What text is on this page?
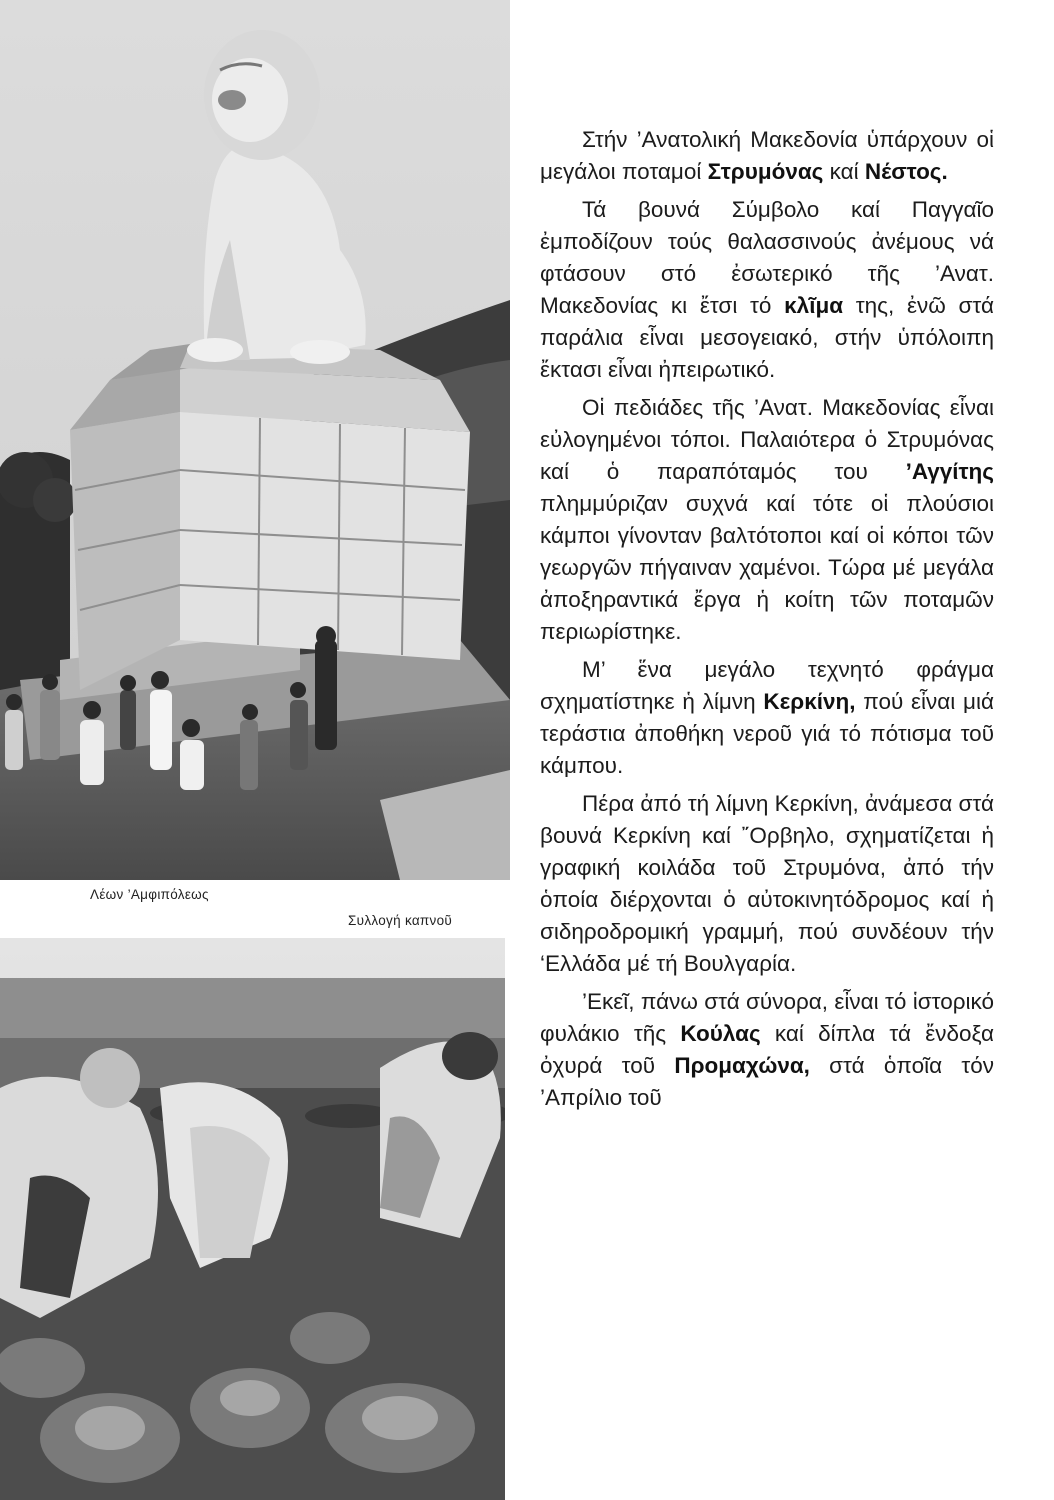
Λέων ’Αμφιπόλεως
Συλλογή καπνοῦ

Στήν ’Ανατολική Μακεδονία ὑπάρχουν οἱ μεγάλοι ποταμοί Στρυμόνας καί Νέστος.

Τά βουνά Σύμβολο καί Παγγαῖο ἐμποδίζουν τούς θαλασσινούς ἀνέμους νά φτάσουν στό ἐσωτερικό τῆς ’Ανατ. Μακεδονίας κι ἔτσι τό κλῖμα της, ἐνῶ στά παράλια εἶναι μεσογειακό, στήν ὑπόλοιπη ἔκτασι εἶναι ἠπειρωτικό.

Οἱ πεδιάδες τῆς ’Ανατ. Μακεδονίας εἶναι εὐλογημένοι τόποι. Παλαιότερα ὁ Στρυμόνας καί ὁ παραπόταμός του ’Αγγίτης πλημμύριζαν συχνά καί τότε οἱ πλούσιοι κάμποι γίνονταν βαλτότοποι καί οἱ κόποι τῶν γεωργῶν πήγαιναν χαμένοι. Τώρα μέ μεγάλα ἀποξηραντικά ἔργα ἡ κοίτη τῶν ποταμῶν περιωρίστηκε.

Μ’ ἕνα μεγάλο τεχνητό φράγμα σχηματίστηκε ἡ λίμνη Κερκίνη, πού εἶναι μιά τεράστια ἀποθήκη νεροῦ γιά τό πότισμα τοῦ κάμπου.

Πέρα ἀπό τή λίμνη Κερκίνη, ἀνάμεσα στά βουνά Κερκίνη καί ῎Ορβηλο, σχηματίζεται ἡ γραφική κοιλάδα τοῦ Στρυμόνα, ἀπό τήν ὁποία διέρχονται ὁ αὐτοκινητόδρομος καί ἡ σιδηροδρομική γραμμή, πού συνδέουν τήν ‘Ελλάδα μέ τή Βουλγαρία.

’Εκεῖ, πάνω στά σύνορα, εἶναι τό ἱστορικό φυλάκιο τῆς Κούλας καί δίπλα τά ἔνδοξα ὀχυρά τοῦ Προμαχώνα, στά ὁποῖα τόν ’Απρίλιο τοῦ
